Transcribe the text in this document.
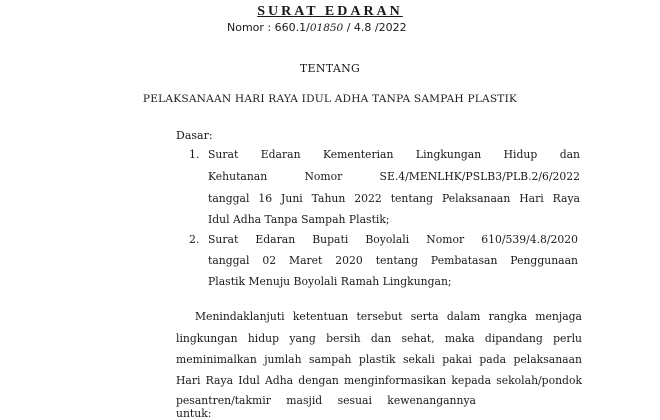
SURAT EDARAN
Nomor : 660.1/01850 / 4.8 /2022
TENTANG
PELAKSANAAN HARI RAYA IDUL ADHA TANPA SAMPAH PLASTIK
Dasar:
1. Surat Edaran Kementerian Lingkungan Hidup dan
Kehutanan Nomor SE.4/MENLHK/PSLB3/PLB.2/6/2022
tanggal 16 Juni Tahun 2022 tentang Pelaksanaan Hari Raya
Idul Adha Tanpa Sampah Plastik;
2. Surat Edaran Bupati Boyolali Nomor 610/539/4.8/2020
tanggal 02 Maret 2020 tentang Pembatasan Penggunaan
Plastik Menuju Boyolali Ramah Lingkungan;
Menindaklanjuti ketentuan tersebut serta dalam rangka menjaga
lingkungan hidup yang bersih dan sehat, maka dipandang perlu
meminimalkan jumlah sampah plastik sekali pakai pada pelaksanaan
Hari Raya Idul Adha dengan menginformasikan kepada sekolah/pondok
pesantren/takmir masjid sesuai kewenangannya untuk:
